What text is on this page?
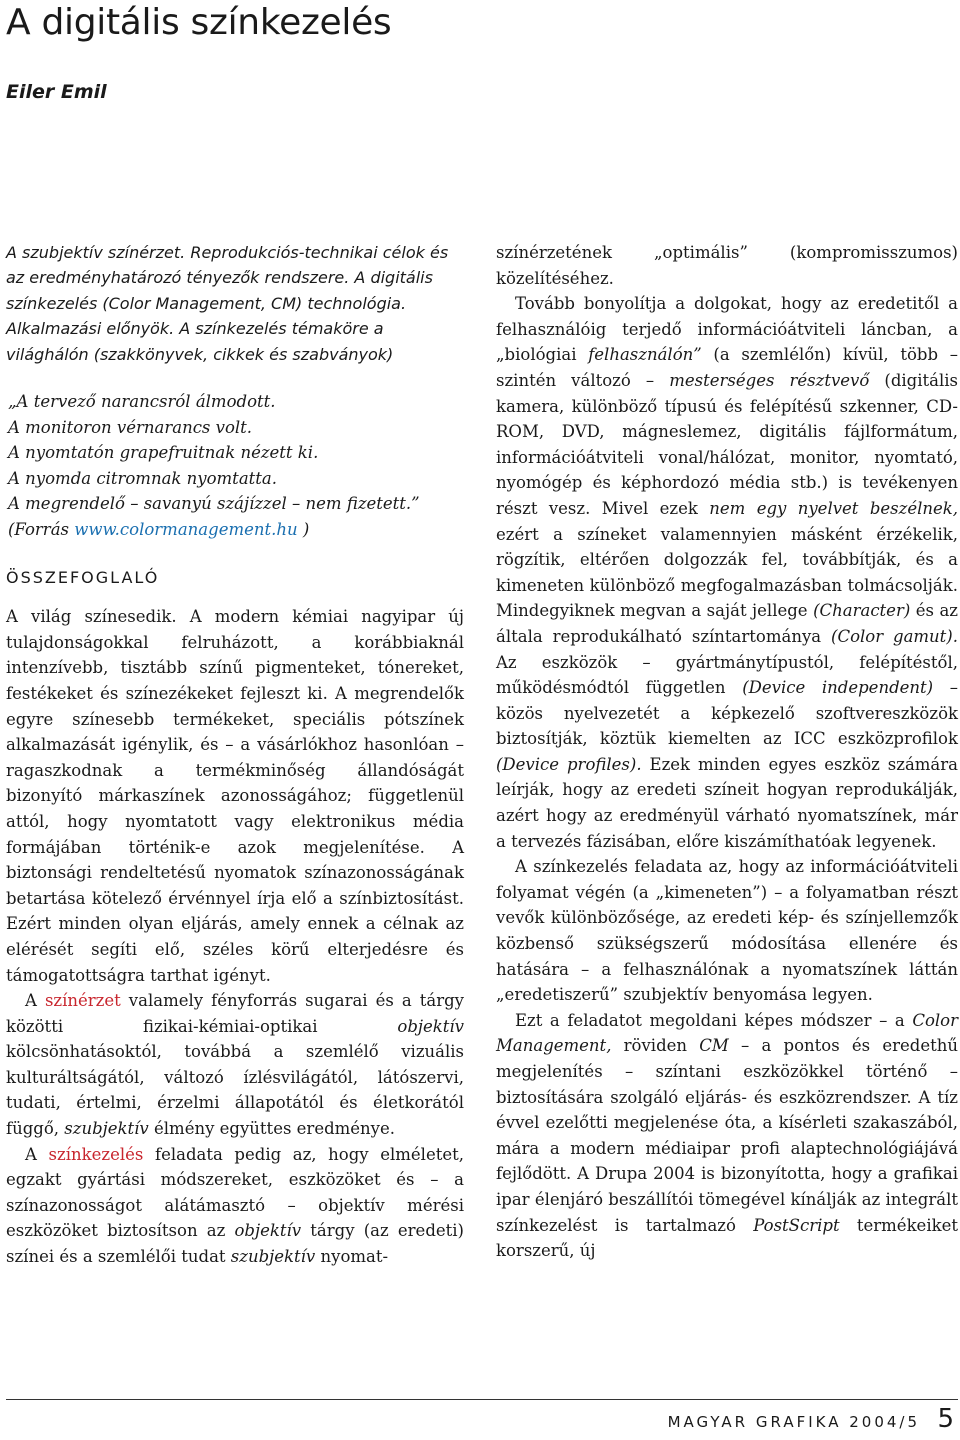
A digitális színkezelés
Eiler Emil

A szubjektív színérzet. Reprodukciós-technikai célok és az eredményhatározó tényezők rendszere. A digitális színkezelés (Color Management, CM) technológia. Alkalmazási előnyök. A színkezelés témaköre a világhálón (szakkönyvek, cikkek és szabványok)

„A tervező narancsról álmodott.
A monitoron vérnarancs volt.
A nyomtatón grapefruitnak nézett ki.
A nyomda citromnak nyomtatta.
A megrendelő – savanyú szájízzel – nem fizetett.”
(Forrás www.colormanagement.hu )
ÖSSZEFOGLALÓ

A világ színesedik. A modern kémiai nagyipar új tulajdonságokkal felruházott, a korábbiaknál intenzívebb, tisztább színű pigmenteket, tónereket, festékeket és színezékeket fejleszt ki. A megrendelők egyre színesebb termékeket, speciális pótszínek alkalmazását igénylik, és – a vásárlókhoz hasonlóan – ragaszkodnak a termékminőség állandóságát bizonyító márkaszínek azonosságához; függetlenül attól, hogy nyomtatott vagy elektronikus média formájában történik-e azok megjelenítése. A biztonsági rendeltetésű nyomatok színazonosságának betartása kötelező érvénnyel írja elő a színbiztosítást. Ezért minden olyan eljárás, amely ennek a célnak az elérését segíti elő, széles körű elterjedésre és támogatottságra tarthat igényt.

A színérzet valamely fényforrás sugarai és a tárgy közötti fizikai-kémiai-optikai objektív kölcsönhatásoktól, továbbá a szemlélő vizuális kulturáltságától, változó ízlésvilágától, látószervi, tudati, értelmi, érzelmi állapotától és életkorától függő, szubjektív élmény együttes eredménye.

A színkezelés feladata pedig az, hogy elméletet, egzakt gyártási módszereket, eszközöket és – a színazonosságot alátámasztó – objektív mérési eszközöket biztosítson az objektív tárgy (az eredeti) színei és a szemlélői tudat szubjektív nyomat-

színérzetének „optimális” (kompromisszumos) közelítéséhez.

Tovább bonyolítja a dolgokat, hogy az eredetitől a felhasználóig terjedő információátviteli láncban, a „biológiai felhasználón” (a szemlélőn) kívül, több – szintén változó – mesterséges résztvevő (digitális kamera, különböző típusú és felépítésű szkenner, CD-ROM, DVD, mágneslemez, digitális fájlformátum, információátviteli vonal/hálózat, monitor, nyomtató, nyomógép és képhordozó média stb.) is tevékenyen részt vesz. Mivel ezek nem egy nyelvet beszélnek, ezért a színeket valamennyien másként érzékelik, rögzítik, eltérően dolgozzák fel, továbbítják, és a kimeneten különböző megfogalmazásban tolmácsolják. Mindegyiknek megvan a saját jellege (Character) és az általa reprodukálható színtartománya (Color gamut). Az eszközök – gyártmánytípustól, felépítéstől, működésmódtól független (Device independent) – közös nyelvezetét a képkezelő szoftvereszközök biztosítják, köztük kiemelten az ICC eszközprofilok (Device profiles). Ezek minden egyes eszköz számára leírják, hogy az eredeti színeit hogyan reprodukálják, azért hogy az eredményül várható nyomatszínek, már a tervezés fázisában, előre kiszámíthatóak legyenek.

A színkezelés feladata az, hogy az információátviteli folyamat végén (a „kimeneten”) – a folyamatban részt vevők különbözősége, az eredeti kép- és színjellemzők közbenső szükségszerű módosítása ellenére és hatására – a felhasználónak a nyomatszínek láttán „eredetiszerű” szubjektív benyomása legyen.

Ezt a feladatot megoldani képes módszer – a Color Management, röviden CM – a pontos és eredethű megjelenítés – színtani eszközökkel történő – biztosítására szolgáló eljárás- és eszközrendszer. A tíz évvel ezelőtti megjelenése óta, a kísérleti szakaszából, mára a modern médiaipar profi alaptechnológiájává fejlődött. A Drupa 2004 is bizonyította, hogy a grafikai ipar élenjáró beszállítói tömegével kínálják az integrált színkezelést is tartalmazó PostScript termékeiket korszerű, új

MAGYAR GRAFIKA 2004/5 5
